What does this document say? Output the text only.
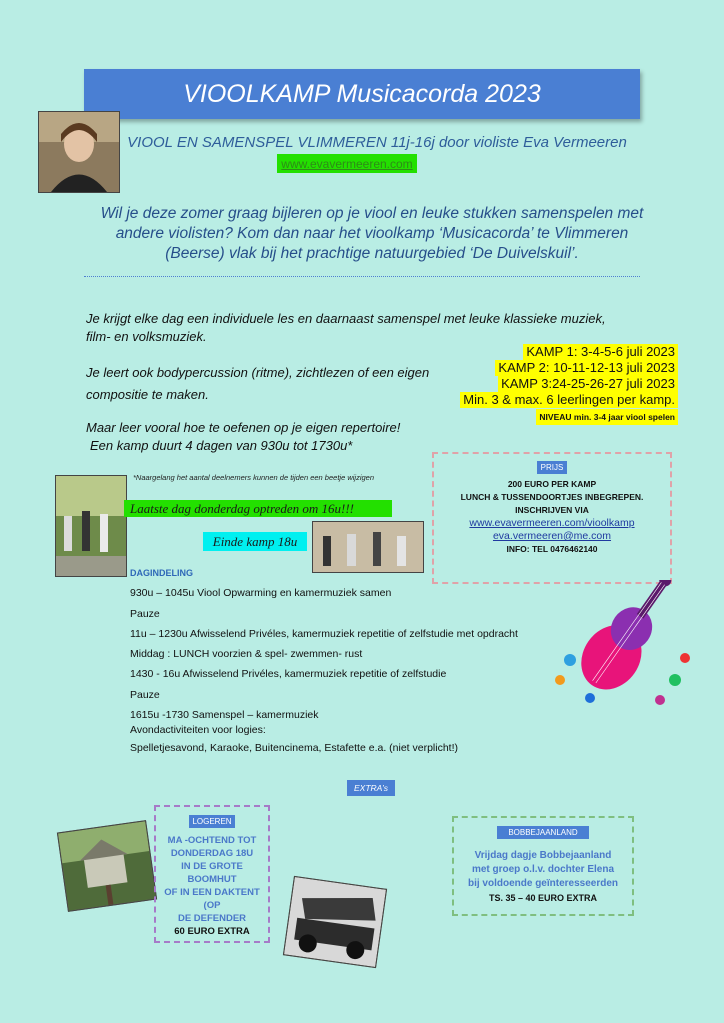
VIOOLKAMP Musicacorda 2023
VIOOL EN SAMENSPEL VLIMMEREN 11j-16j door violiste Eva Vermeeren
www.evavermeeren.com
Wil je deze zomer graag bijleren op je viool en leuke stukken samenspelen met andere violisten? Kom dan naar het vioolkamp ‘Musicacorda’ te Vlimmeren (Beerse) vlak bij het prachtige natuurgebied ‘De Duivelskuil’.
Je krijgt elke dag een individuele les en daarnaast samenspel met leuke klassieke muziek,
film- en volksmuziek.
Je leert ook bodypercussion (ritme), zichtlezen of een eigen
compositie te maken.
Maar leer vooral hoe te oefenen op je eigen repertoire!
Een kamp duurt 4 dagen van 930u tot 1730u*
KAMP 1: 3-4-5-6 juli 2023
KAMP 2: 10-11-12-13 juli 2023
KAMP 3:24-25-26-27 juli 2023
Min. 3 & max. 6 leerlingen per kamp.
NIVEAU min. 3-4 jaar viool spelen
*Naargelang het aantal deelnemers kunnen de tijden een beetje wijzigen
Laatste dag donderdag optreden om 16u!!!
Einde kamp 18u
PRIJS
200 EURO PER KAMP
LUNCH & TUSSENDOORTJES INBEGREPEN.
INSCHRIJVEN VIA
www.evavermeeren.com/vioolkamp
eva.vermeeren@me.com
INFO: TEL 0476462140
DAGINDELING
930u – 1045u Viool Opwarming en kamermuziek samen
Pauze
11u – 1230u Afwisselend Privéles, kamermuziek repetitie of zelfstudie met opdracht
Middag : LUNCH voorzien & spel- zwemmen- rust
1430 - 16u Afwisselend Privéles, kamermuziek repetitie of zelfstudie
Pauze
1615u -1730 Samenspel – kamermuziek
Avondactiviteiten voor logies:
Spelletjesavond, Karaoke, Buitencinema, Estafette e.a. (niet verplicht!)
EXTRA’s
LOGEREN
MA -OCHTEND TOT
DONDERDAG 18U
IN DE GROTE BOOMHUT
OF IN EEN DAKTENT (OP
DE DEFENDER
60 EURO EXTRA
BOBBEJAANLAND
Vrijdag dagje Bobbejaanland
met groep o.l.v. dochter Elena
bij voldoende geïnteresseerden
TS. 35 – 40 EURO EXTRA
